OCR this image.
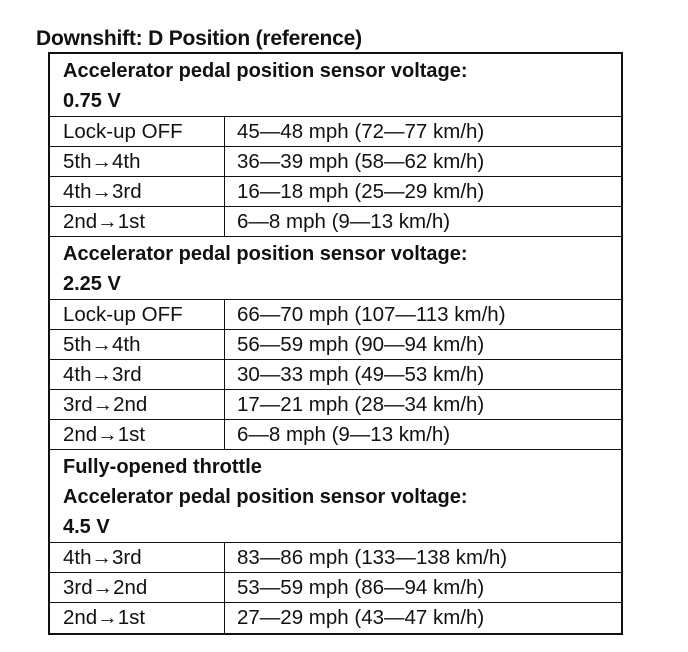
Downshift: D Position (reference)
Accelerator pedal position sensor voltage:
0.75 V
Lock-up OFF	45—48 mph (72—77 km/h)
5th→4th	36—39 mph (58—62 km/h)
4th→3rd	16—18 mph (25—29 km/h)
2nd→1st	6—8 mph (9—13 km/h)
Accelerator pedal position sensor voltage:
2.25 V
Lock-up OFF	66—70 mph (107—113 km/h)
5th→4th	56—59 mph (90—94 km/h)
4th→3rd	30—33 mph (49—53 km/h)
3rd→2nd	17—21 mph (28—34 km/h)
2nd→1st	6—8 mph (9—13 km/h)
Fully-opened throttle
Accelerator pedal position sensor voltage:
4.5 V
4th→3rd	83—86 mph (133—138 km/h)
3rd→2nd	53—59 mph (86—94 km/h)
2nd→1st	27—29 mph (43—47 km/h)
